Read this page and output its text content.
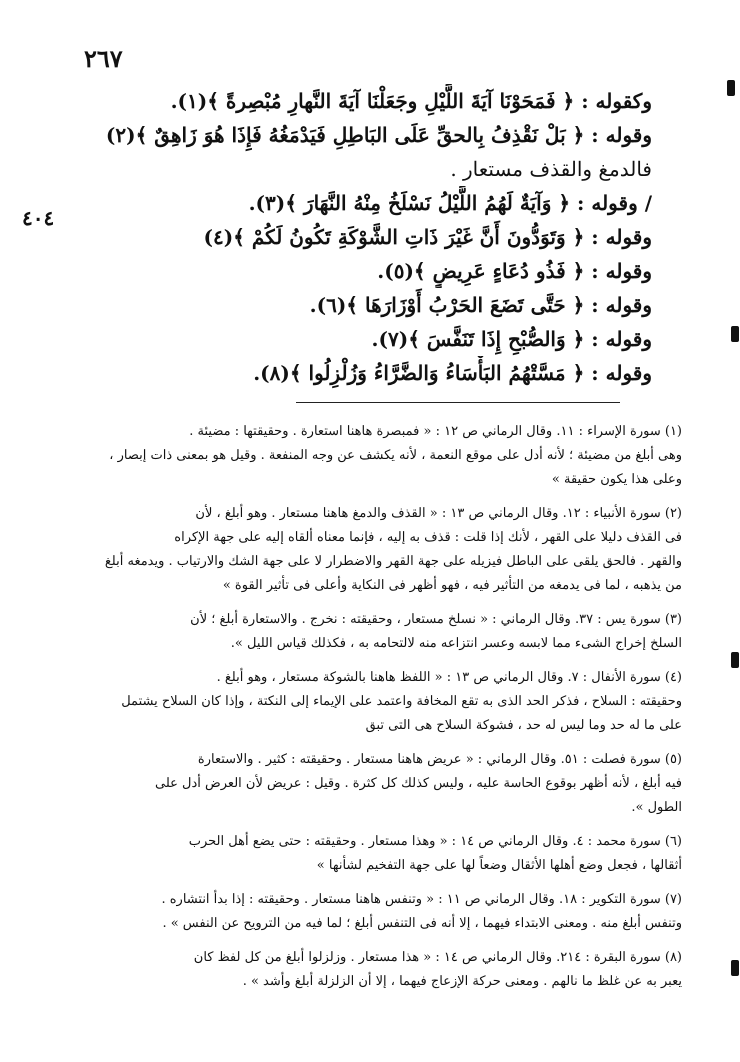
٢٦٧
٤٠٤
وكقوله : ﴿ فَمَحَوْنَا آيَةَ اللَّيْلِ وجَعَلْنَا آيَةَ النَّهارِ مُبْصِرةً ﴾(١).
وقوله : ﴿ بَلْ نَقْذِفُ بِالحقِّ عَلَى البَاطِلِ فَيَدْمَغُهُ فَإِذَا هُوَ زَاهِقٌ ﴾(٢)
فالدمغ والقذف مستعار .
/ وقوله : ﴿ وَآيَةٌ لَهُمُ اللَّيْلُ نَسْلَخُ مِنْهُ النَّهَارَ ﴾(٣).
وقوله : ﴿ وَتَوَدُّونَ أَنَّ غَيْرَ ذَاتِ الشَّوْكَةِ تَكُونُ لَكُمْ ﴾(٤)
وقوله : ﴿ فَذُو دُعَاءٍ عَرِيضٍ ﴾(٥).
وقوله : ﴿ حَتَّى تَضَعَ الحَرْبُ أَوْزَارَهَا ﴾(٦).
وقوله : ﴿ وَالصُّبْحِ إِذَا تَنَفَّسَ ﴾(٧).
وقوله : ﴿ مَسَّتْهُمُ البَأْسَاءُ وَالضَّرَّاءُ وَزُلْزِلُوا ﴾(٨).
(١) سورة الإسراء : ١١. وقال الرماني ص ١٢ : « فمبصرة هاهنا استعارة . وحقيقتها : مضيئة .
وهى أبلغ من مضيئة ؛ لأنه أدل على موقع النعمة ، لأنه يكشف عن وجه المنفعة . وقيل هو بمعنى ذات إبصار ،
وعلى هذا يكون حقيقة »
(٢) سورة الأنبياء : ١٢. وقال الرماني ص ١٣ : « القذف والدمغ هاهنا مستعار . وهو أبلغ ، لأن
فى القذف دليلا على القهر ، لأنك إذا قلت : قذف به إليه ، فإنما معناه ألقاه إليه على جهة الإكراه
والقهر . فالحق يلقى على الباطل فيزيله على جهة القهر والاضطرار لا على جهة الشك والارتياب . ويدمغه أبلغ
من يذهبه ، لما فى يدمغه من التأثير فيه ، فهو أظهر فى النكاية وأعلى فى تأثير القوة »
(٣) سورة يس : ٣٧. وقال الرماني : « نسلخ مستعار ، وحقيقته : نخرج . والاستعارة أبلغ ؛ لأن
السلخ إخراج الشىء مما لابسه وعسر انتزاعه منه لالتحامه به ، فكذلك قياس الليل ».
(٤) سورة الأنفال : ٧. وقال الرماني ص ١٣ : « اللفظ هاهنا بالشوكة مستعار ، وهو أبلغ .
وحقيقته : السلاح ، فذكر الحد الذى به تقع المخافة واعتمد على الإيماء إلى النكتة ، وإذا كان السلاح يشتمل
على ما له حد وما ليس له حد ، فشوكة السلاح هى التى تبق
(٥) سورة فصلت : ٥١. وقال الرماني : « عريض هاهنا مستعار . وحقيقته : كثير . والاستعارة
فيه أبلغ ، لأنه أظهر بوقوع الحاسة عليه ، وليس كذلك كل كثرة . وقيل : عريض لأن العرض أدل على
الطول ».
(٦) سورة محمد : ٤. وقال الرماني ص ١٤ : « وهذا مستعار . وحقيقته : حتى يضع أهل الحرب
أثقالها ، فجعل وضع أهلها الأثقال وضعاً لها على جهة التفخيم لشأنها »
(٧) سورة التكوير : ١٨. وقال الرماني ص ١١ : « وتنفس هاهنا مستعار . وحقيقته : إذا بدأ انتشاره .
وتنفس أبلغ منه . ومعنى الابتداء فيهما ، إلا أنه فى التنفس أبلغ ؛ لما فيه من الترويح عن النفس » .
(٨) سورة البقرة : ٢١٤. وقال الرماني ص ١٤ : « هذا مستعار . وزلزلوا أبلغ من كل لفظ كان
يعبر به عن غلظ ما نالهم . ومعنى حركة الإزعاج فيهما ، إلا أن الزلزلة أبلغ وأشد » .
